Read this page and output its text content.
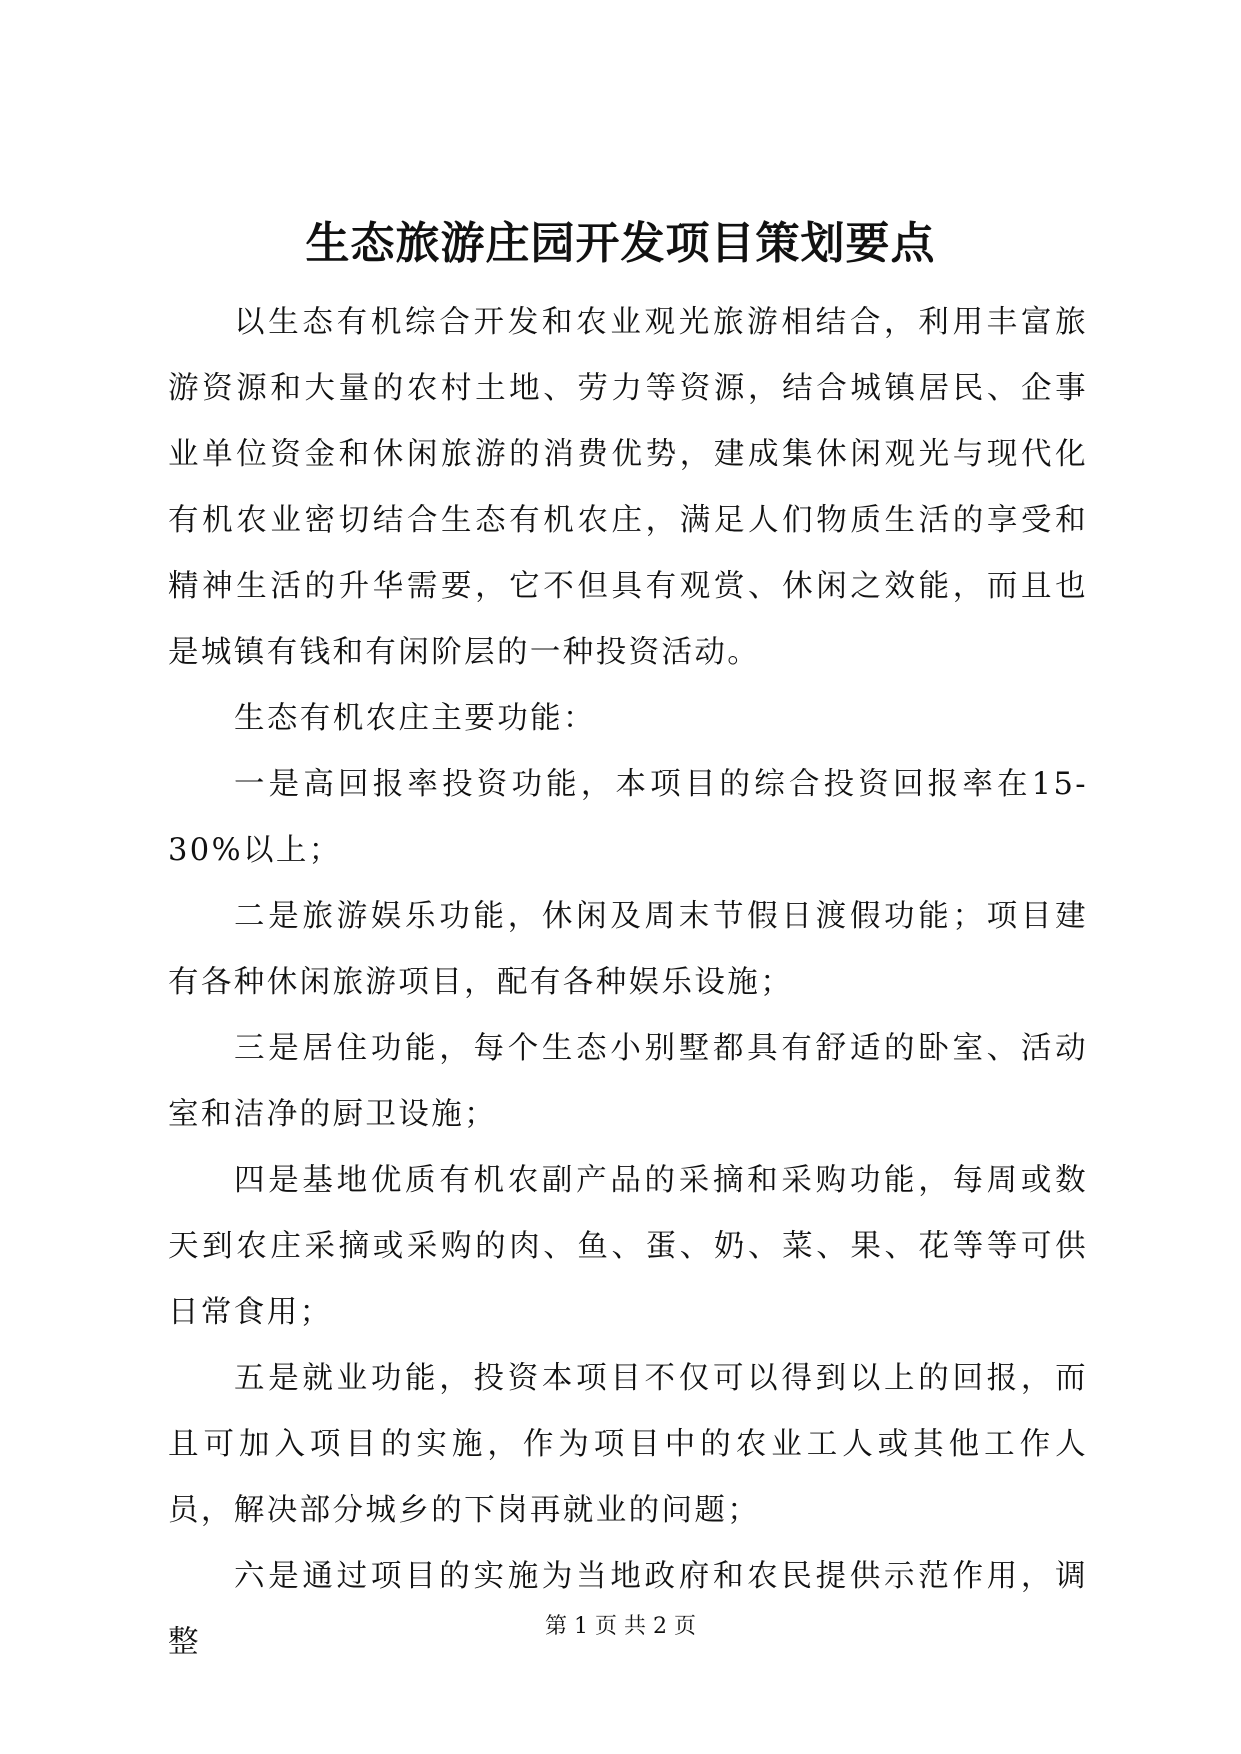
生态旅游庄园开发项目策划要点

以生态有机综合开发和农业观光旅游相结合，利用丰富旅游资源和大量的农村土地、劳力等资源，结合城镇居民、企事业单位资金和休闲旅游的消费优势，建成集休闲观光与现代化有机农业密切结合生态有机农庄，满足人们物质生活的享受和精神生活的升华需要，它不但具有观赏、休闲之效能，而且也是城镇有钱和有闲阶层的一种投资活动。

生态有机农庄主要功能：

一是高回报率投资功能，本项目的综合投资回报率在15-30%以上；

二是旅游娱乐功能，休闲及周末节假日渡假功能；项目建有各种休闲旅游项目，配有各种娱乐设施；

三是居住功能，每个生态小别墅都具有舒适的卧室、活动室和洁净的厨卫设施；

四是基地优质有机农副产品的采摘和采购功能，每周或数天到农庄采摘或采购的肉、鱼、蛋、奶、菜、果、花等等可供日常食用；

五是就业功能，投资本项目不仅可以得到以上的回报，而且可加入项目的实施，作为项目中的农业工人或其他工作人员，解决部分城乡的下岗再就业的问题；

六是通过项目的实施为当地政府和农民提供示范作用，调整	第 1 页 共 2 页
